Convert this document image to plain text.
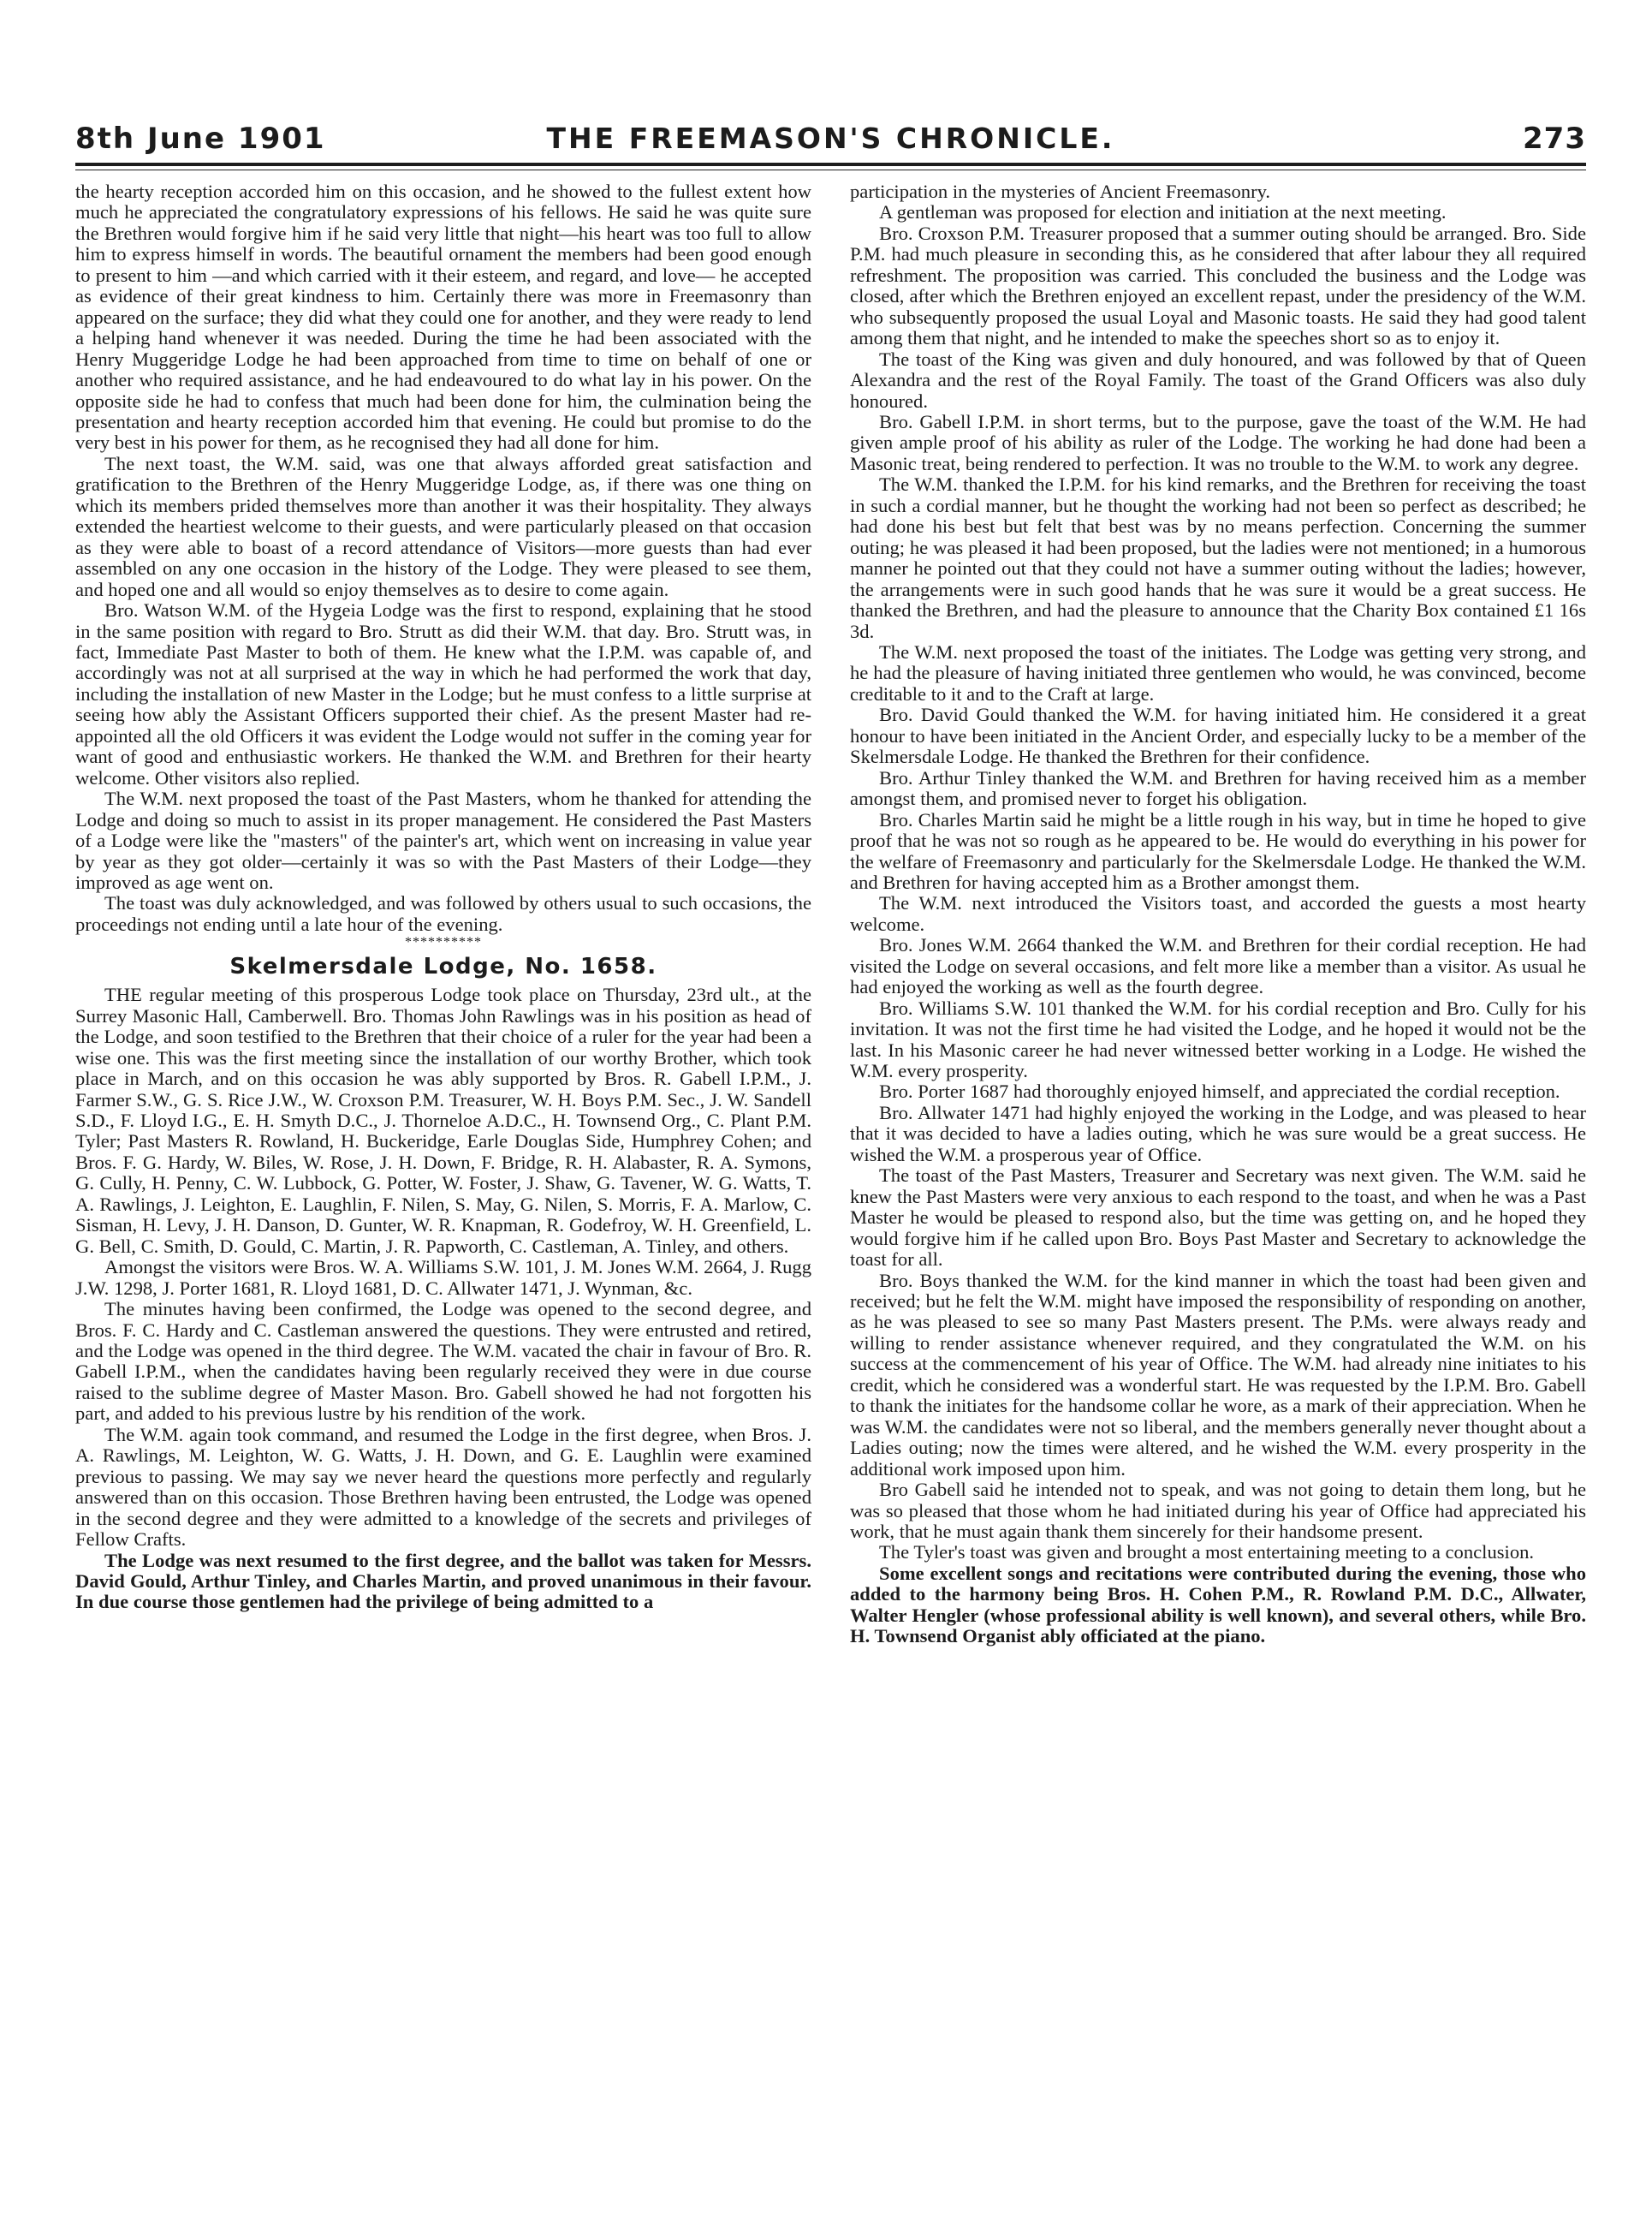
8th June 1901	THE FREEMASON'S CHRONICLE.	273

the hearty reception accorded him on this occasion, and he showed to the fullest extent how much he appreciated the congratulatory expressions of his fellows. He said he was quite sure the Brethren would forgive him if he said very little that night—his heart was too full to allow him to express himself in words. The beautiful ornament the members had been good enough to present to him —and which carried with it their esteem, and regard, and love— he accepted as evidence of their great kindness to him. Certainly there was more in Freemasonry than appeared on the surface; they did what they could one for another, and they were ready to lend a helping hand whenever it was needed. During the time he had been associated with the Henry Muggeridge Lodge he had been approached from time to time on behalf of one or another who required assistance, and he had endeavoured to do what lay in his power. On the opposite side he had to confess that much had been done for him, the culmination being the presentation and hearty reception accorded him that evening. He could but promise to do the very best in his power for them, as he recognised they had all done for him.

The next toast, the W.M. said, was one that always afforded great satisfaction and gratification to the Brethren of the Henry Muggeridge Lodge, as, if there was one thing on which its members prided themselves more than another it was their hospitality. They always extended the heartiest welcome to their guests, and were particularly pleased on that occasion as they were able to boast of a record attendance of Visitors—more guests than had ever assembled on any one occasion in the history of the Lodge. They were pleased to see them, and hoped one and all would so enjoy themselves as to desire to come again.

Bro. Watson W.M. of the Hygeia Lodge was the first to respond, explaining that he stood in the same position with regard to Bro. Strutt as did their W.M. that day. Bro. Strutt was, in fact, Immediate Past Master to both of them. He knew what the I.P.M. was capable of, and accordingly was not at all surprised at the way in which he had performed the work that day, including the installation of new Master in the Lodge; but he must confess to a little surprise at seeing how ably the Assistant Officers supported their chief. As the present Master had re-appointed all the old Officers it was evident the Lodge would not suffer in the coming year for want of good and enthusiastic workers. He thanked the W.M. and Brethren for their hearty welcome. Other visitors also replied.

The W.M. next proposed the toast of the Past Masters, whom he thanked for attending the Lodge and doing so much to assist in its proper management. He considered the Past Masters of a Lodge were like the "masters" of the painter's art, which went on increasing in value year by year as they got older—certainly it was so with the Past Masters of their Lodge—they improved as age went on.

The toast was duly acknowledged, and was followed by others usual to such occasions, the proceedings not ending until a late hour of the evening.

**********
Skelmersdale Lodge, No. 1658.

THE regular meeting of this prosperous Lodge took place on Thursday, 23rd ult., at the Surrey Masonic Hall, Camberwell. Bro. Thomas John Rawlings was in his position as head of the Lodge, and soon testified to the Brethren that their choice of a ruler for the year had been a wise one. This was the first meeting since the installation of our worthy Brother, which took place in March, and on this occasion he was ably supported by Bros. R. Gabell I.P.M., J. Farmer S.W., G. S. Rice J.W., W. Croxson P.M. Treasurer, W. H. Boys P.M. Sec., J. W. Sandell S.D., F. Lloyd I.G., E. H. Smyth D.C., J. Thorneloe A.D.C., H. Townsend Org., C. Plant P.M. Tyler; Past Masters R. Rowland, H. Buckeridge, Earle Douglas Side, Humphrey Cohen; and Bros. F. G. Hardy, W. Biles, W. Rose, J. H. Down, F. Bridge, R. H. Alabaster, R. A. Symons, G. Cully, H. Penny, C. W. Lubbock, G. Potter, W. Foster, J. Shaw, G. Tavener, W. G. Watts, T. A. Rawlings, J. Leighton, E. Laughlin, F. Nilen, S. May, G. Nilen, S. Morris, F. A. Marlow, C. Sisman, H. Levy, J. H. Danson, D. Gunter, W. R. Knapman, R. Godefroy, W. H. Greenfield, L. G. Bell, C. Smith, D. Gould, C. Martin, J. R. Papworth, C. Castleman, A. Tinley, and others.

Amongst the visitors were Bros. W. A. Williams S.W. 101, J. M. Jones W.M. 2664, J. Rugg J.W. 1298, J. Porter 1681, R. Lloyd 1681, D. C. Allwater 1471, J. Wynman, &c.

The minutes having been confirmed, the Lodge was opened to the second degree, and Bros. F. C. Hardy and C. Castleman answered the questions. They were entrusted and retired, and the Lodge was opened in the third degree. The W.M. vacated the chair in favour of Bro. R. Gabell I.P.M., when the candidates having been regularly received they were in due course raised to the sublime degree of Master Mason. Bro. Gabell showed he had not forgotten his part, and added to his previous lustre by his rendition of the work.

The W.M. again took command, and resumed the Lodge in the first degree, when Bros. J. A. Rawlings, M. Leighton, W. G. Watts, J. H. Down, and G. E. Laughlin were examined previous to passing. We may say we never heard the questions more perfectly and regularly answered than on this occasion. Those Brethren having been entrusted, the Lodge was opened in the second degree and they were admitted to a knowledge of the secrets and privileges of Fellow Crafts.

The Lodge was next resumed to the first degree, and the ballot was taken for Messrs. David Gould, Arthur Tinley, and Charles Martin, and proved unanimous in their favour. In due course those gentlemen had the privilege of being admitted to a

participation in the mysteries of Ancient Freemasonry.

A gentleman was proposed for election and initiation at the next meeting.

Bro. Croxson P.M. Treasurer proposed that a summer outing should be arranged. Bro. Side P.M. had much pleasure in seconding this, as he considered that after labour they all required refreshment. The proposition was carried. This concluded the business and the Lodge was closed, after which the Brethren enjoyed an excellent repast, under the presidency of the W.M. who subsequently proposed the usual Loyal and Masonic toasts. He said they had good talent among them that night, and he intended to make the speeches short so as to enjoy it.

The toast of the King was given and duly honoured, and was followed by that of Queen Alexandra and the rest of the Royal Family. The toast of the Grand Officers was also duly honoured.

Bro. Gabell I.P.M. in short terms, but to the purpose, gave the toast of the W.M. He had given ample proof of his ability as ruler of the Lodge. The working he had done had been a Masonic treat, being rendered to perfection. It was no trouble to the W.M. to work any degree.

The W.M. thanked the I.P.M. for his kind remarks, and the Brethren for receiving the toast in such a cordial manner, but he thought the working had not been so perfect as described; he had done his best but felt that best was by no means perfection. Concerning the summer outing; he was pleased it had been proposed, but the ladies were not mentioned; in a humorous manner he pointed out that they could not have a summer outing without the ladies; however, the arrangements were in such good hands that he was sure it would be a great success. He thanked the Brethren, and had the pleasure to announce that the Charity Box contained £1 16s 3d.

The W.M. next proposed the toast of the initiates. The Lodge was getting very strong, and he had the pleasure of having initiated three gentlemen who would, he was convinced, become creditable to it and to the Craft at large.

Bro. David Gould thanked the W.M. for having initiated him. He considered it a great honour to have been initiated in the Ancient Order, and especially lucky to be a member of the Skelmersdale Lodge. He thanked the Brethren for their confidence.

Bro. Arthur Tinley thanked the W.M. and Brethren for having received him as a member amongst them, and promised never to forget his obligation.

Bro. Charles Martin said he might be a little rough in his way, but in time he hoped to give proof that he was not so rough as he appeared to be. He would do everything in his power for the welfare of Freemasonry and particularly for the Skelmersdale Lodge. He thanked the W.M. and Brethren for having accepted him as a Brother amongst them.

The W.M. next introduced the Visitors toast, and accorded the guests a most hearty welcome.

Bro. Jones W.M. 2664 thanked the W.M. and Brethren for their cordial reception. He had visited the Lodge on several occasions, and felt more like a member than a visitor. As usual he had enjoyed the working as well as the fourth degree.

Bro. Williams S.W. 101 thanked the W.M. for his cordial reception and Bro. Cully for his invitation. It was not the first time he had visited the Lodge, and he hoped it would not be the last. In his Masonic career he had never witnessed better working in a Lodge. He wished the W.M. every prosperity.

Bro. Porter 1687 had thoroughly enjoyed himself, and appreciated the cordial reception.

Bro. Allwater 1471 had highly enjoyed the working in the Lodge, and was pleased to hear that it was decided to have a ladies outing, which he was sure would be a great success. He wished the W.M. a prosperous year of Office.

The toast of the Past Masters, Treasurer and Secretary was next given. The W.M. said he knew the Past Masters were very anxious to each respond to the toast, and when he was a Past Master he would be pleased to respond also, but the time was getting on, and he hoped they would forgive him if he called upon Bro. Boys Past Master and Secretary to acknowledge the toast for all.

Bro. Boys thanked the W.M. for the kind manner in which the toast had been given and received; but he felt the W.M. might have imposed the responsibility of responding on another, as he was pleased to see so many Past Masters present. The P.Ms. were always ready and willing to render assistance whenever required, and they congratulated the W.M. on his success at the commencement of his year of Office. The W.M. had already nine initiates to his credit, which he considered was a wonderful start. He was requested by the I.P.M. Bro. Gabell to thank the initiates for the handsome collar he wore, as a mark of their appreciation. When he was W.M. the candidates were not so liberal, and the members generally never thought about a Ladies outing; now the times were altered, and he wished the W.M. every prosperity in the additional work imposed upon him.

Bro Gabell said he intended not to speak, and was not going to detain them long, but he was so pleased that those whom he had initiated during his year of Office had appreciated his work, that he must again thank them sincerely for their handsome present.

The Tyler's toast was given and brought a most entertaining meeting to a conclusion.

Some excellent songs and recitations were contributed during the evening, those who added to the harmony being Bros. H. Cohen P.M., R. Rowland P.M. D.C., Allwater, Walter Hengler (whose professional ability is well known), and several others, while Bro. H. Townsend Organist ably officiated at the piano.
